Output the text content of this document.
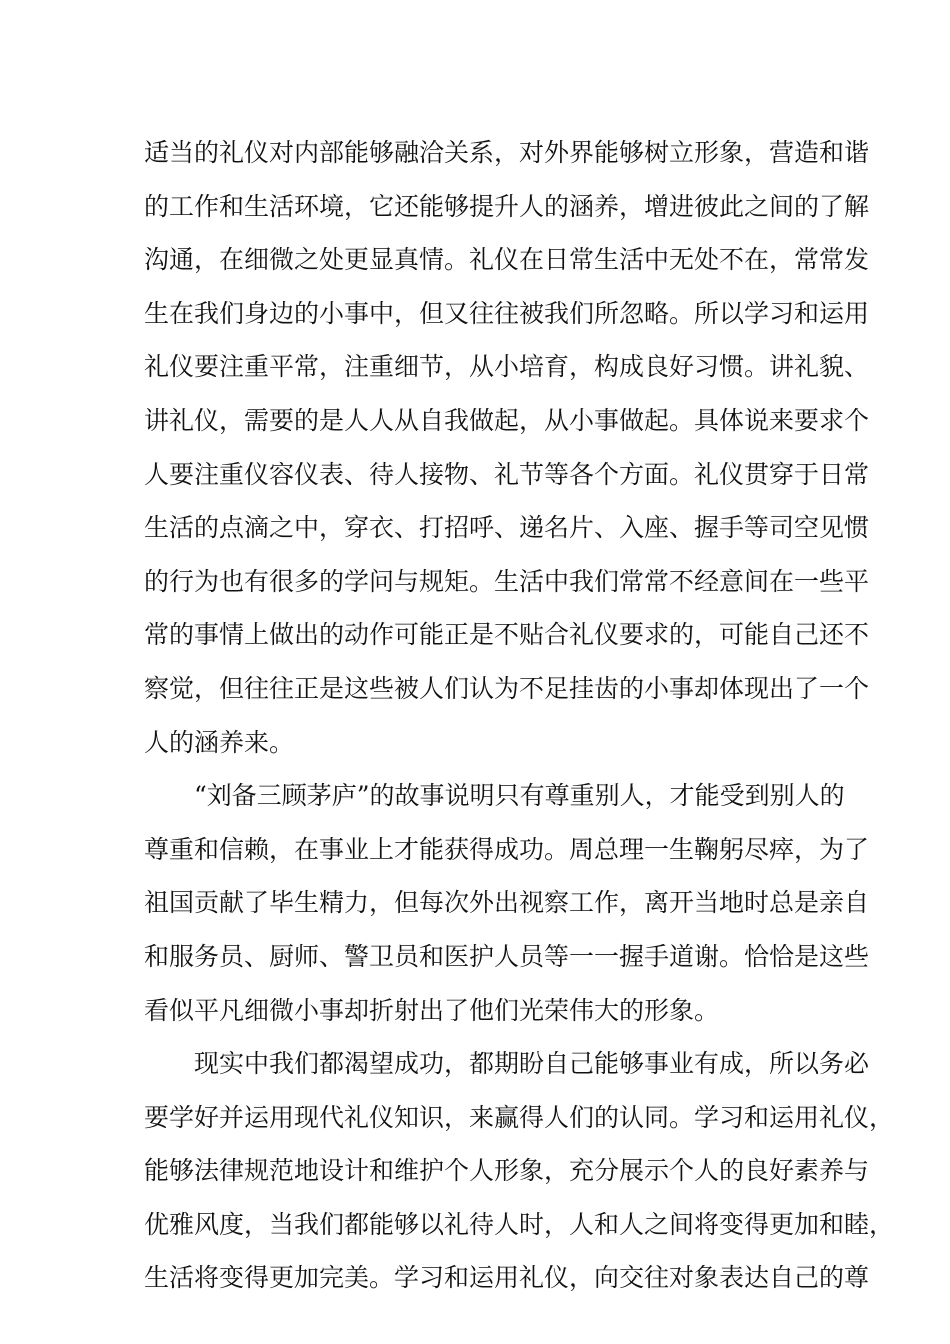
适当的礼仪对内部能够融洽关系，对外界能够树立形象，营造和谐
的工作和生活环境，它还能够提升人的涵养，增进彼此之间的了解
沟通，在细微之处更显真情。礼仪在日常生活中无处不在，常常发
生在我们身边的小事中，但又往往被我们所忽略。所以学习和运用
礼仪要注重平常，注重细节，从小培育，构成良好习惯。讲礼貌、
讲礼仪，需要的是人人从自我做起，从小事做起。具体说来要求个
人要注重仪容仪表、待人接物、礼节等各个方面。礼仪贯穿于日常
生活的点滴之中，穿衣、打招呼、递名片、入座、握手等司空见惯
的行为也有很多的学问与规矩。生活中我们常常不经意间在一些平
常的事情上做出的动作可能正是不贴合礼仪要求的，可能自己还不
察觉，但往往正是这些被人们认为不足挂齿的小事却体现出了一个
人的涵养来。
　　“刘备三顾茅庐”的故事说明只有尊重别人，才能受到别人的
尊重和信赖，在事业上才能获得成功。周总理一生鞠躬尽瘁，为了
祖国贡献了毕生精力，但每次外出视察工作，离开当地时总是亲自
和服务员、厨师、警卫员和医护人员等一一握手道谢。恰恰是这些
看似平凡细微小事却折射出了他们光荣伟大的形象。
　　现实中我们都渴望成功，都期盼自己能够事业有成，所以务必
要学好并运用现代礼仪知识，来赢得人们的认同。学习和运用礼仪，
能够法律规范地设计和维护个人形象，充分展示个人的良好素养与
优雅风度，当我们都能够以礼待人时，人和人之间将变得更加和睦，
生活将变得更加完美。学习和运用礼仪，向交往对象表达自己的尊
